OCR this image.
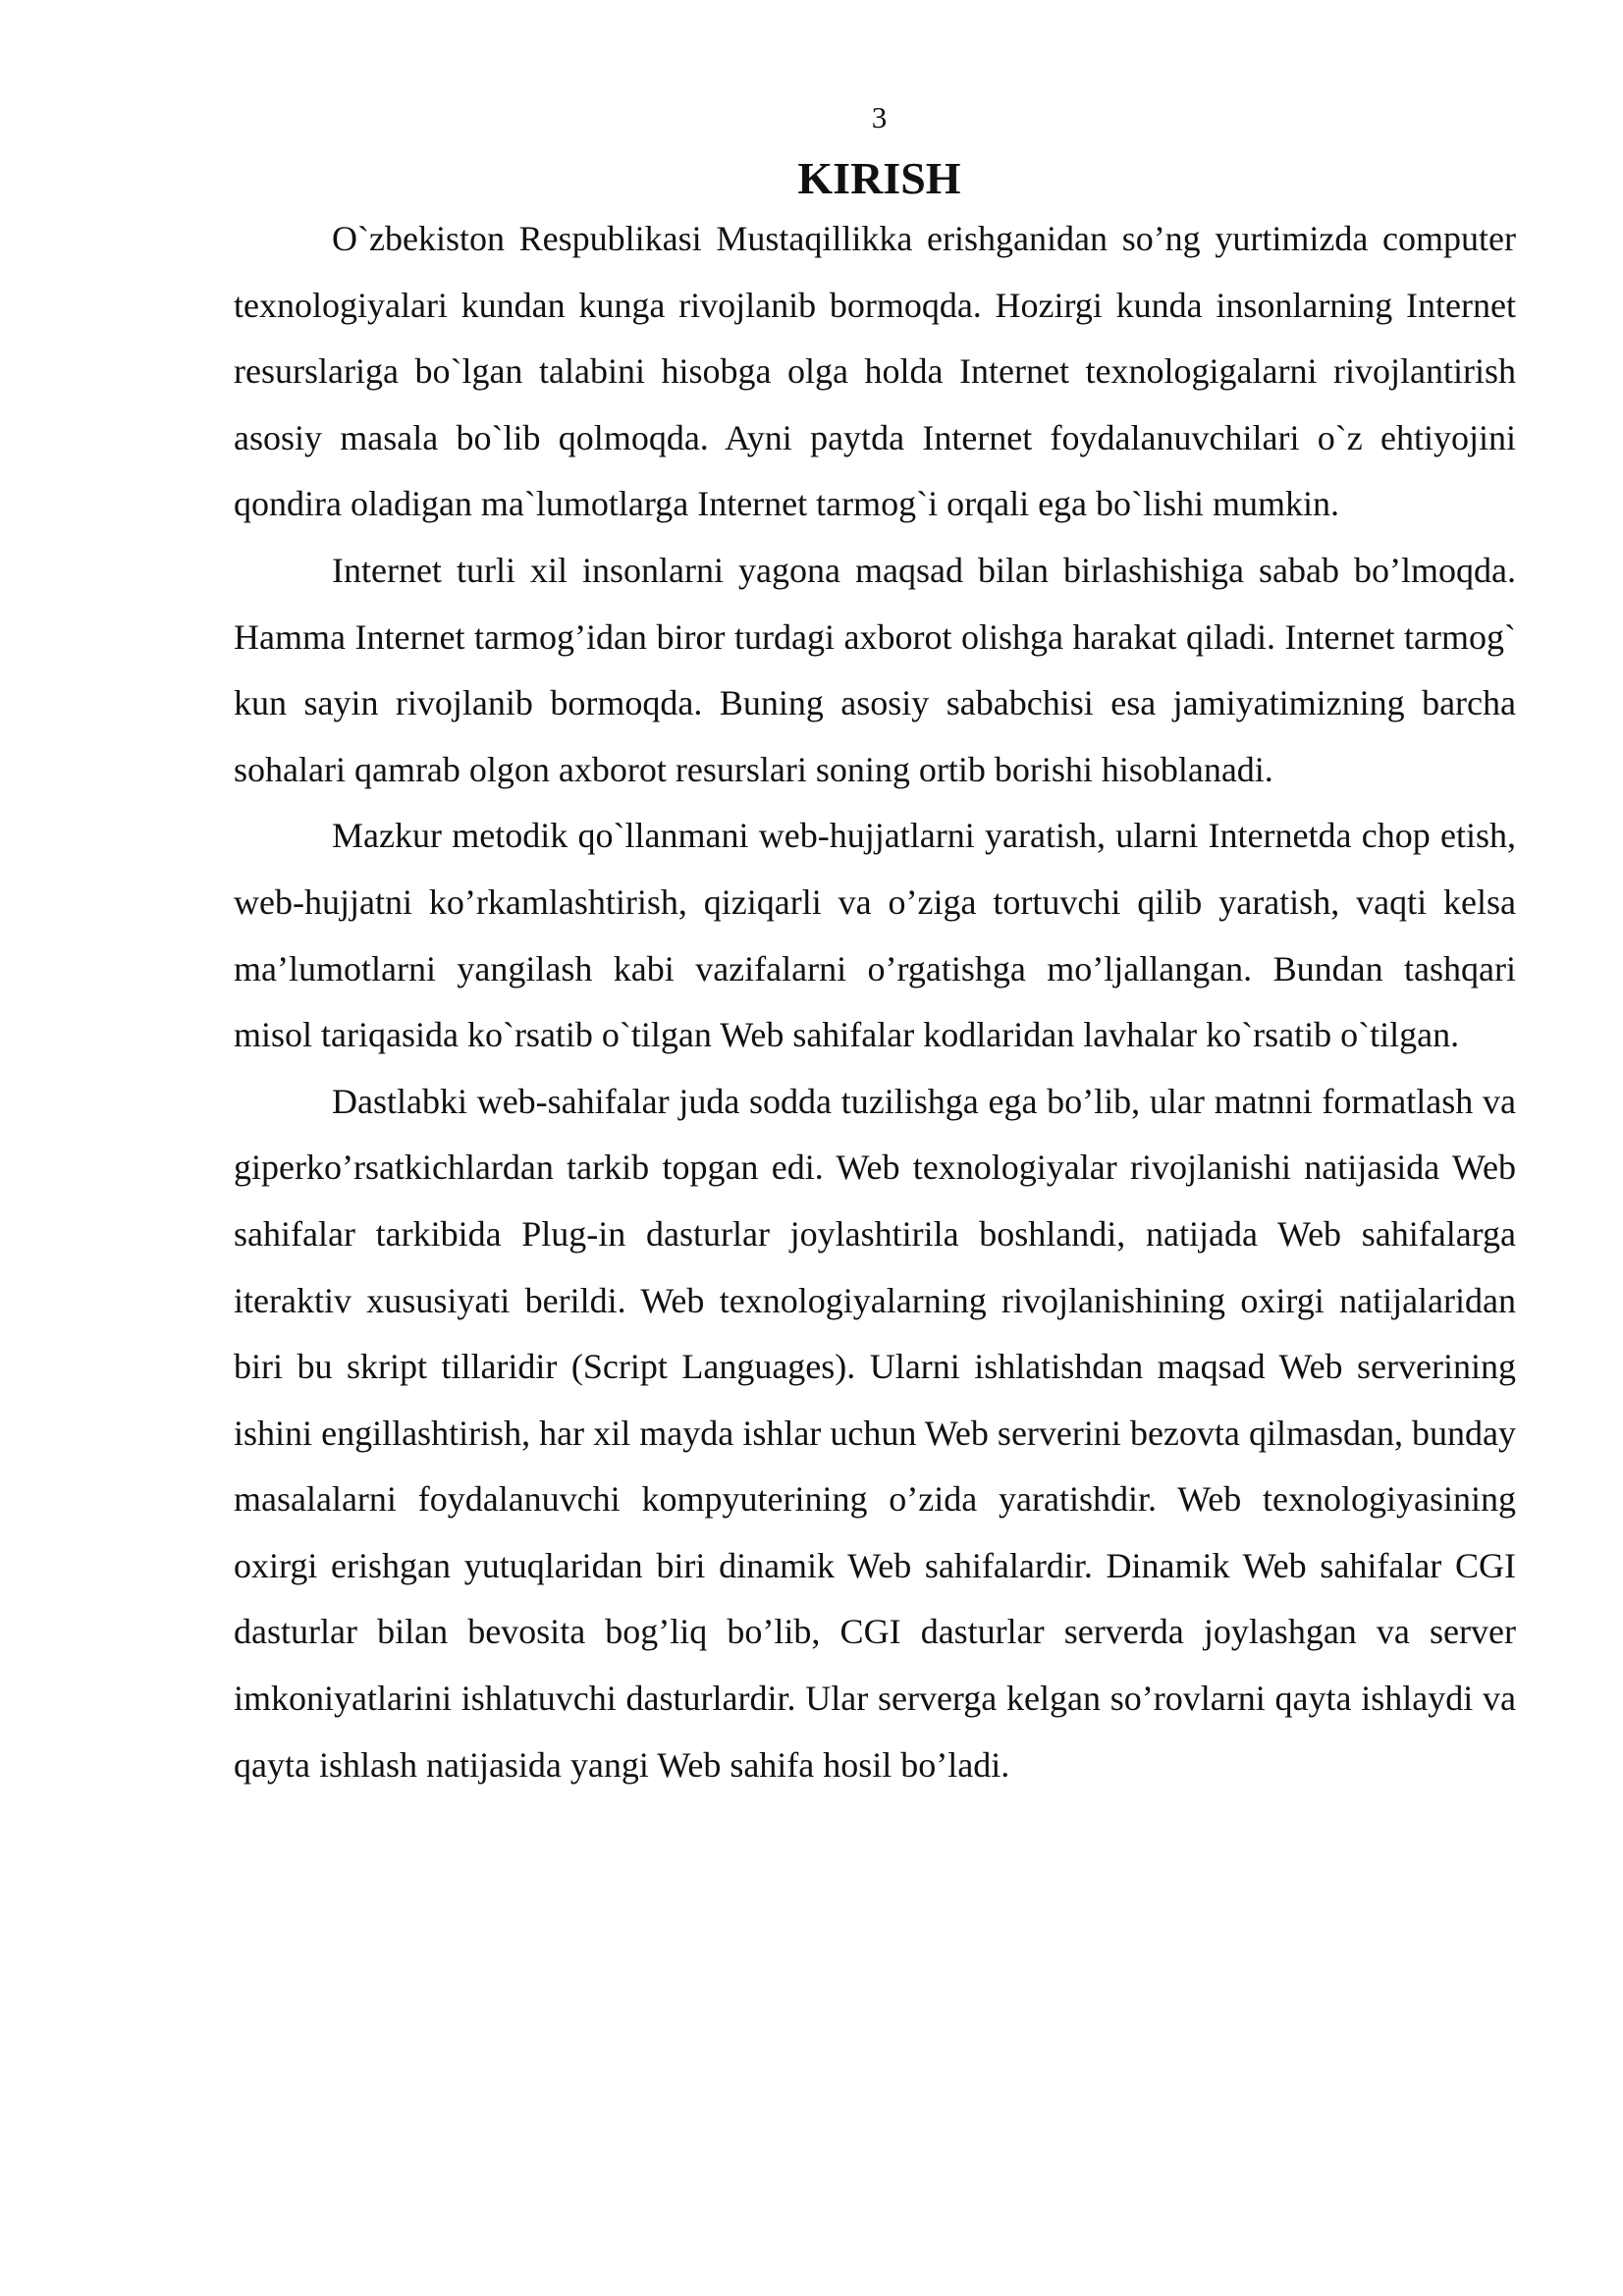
3
KIRISH

O`zbekiston Respublikasi Mustaqillikka erishganidan so’ng yurtimizda computer texnologiyalari kundan kunga rivojlanib bormoqda. Hozirgi kunda insonlarning Internet resurslariga bo`lgan talabini hisobga olga holda Internet texnologigalarni rivojlantirish asosiy masala bo`lib qolmoqda. Ayni paytda Internet foydalanuvchilari o`z ehtiyojini qondira oladigan ma`lumotlarga Internet tarmog`i orqali ega bo`lishi mumkin.

Internet turli xil insonlarni yagona maqsad bilan birlashishiga sabab bo’lmoqda. Hamma Internet tarmog’idan biror turdagi axborot olishga harakat qiladi. Internet tarmog` kun sayin rivojlanib bormoqda. Buning asosiy sababchisi esa jamiyatimizning barcha sohalari qamrab olgon axborot resurslari soning ortib borishi hisoblanadi.

Mazkur metodik qo`llanmani web-hujjatlarni yaratish, ularni Internetda chop etish, web-hujjatni ko’rkamlashtirish, qiziqarli va o’ziga tortuvchi qilib yaratish, vaqti kelsa ma’lumotlarni yangilash kabi vazifalarni o’rgatishga mo’ljallangan. Bundan tashqari misol tariqasida ko`rsatib o`tilgan Web sahifalar kodlaridan lavhalar ko`rsatib o`tilgan.

Dastlabki web-sahifalar juda sodda tuzilishga ega bo’lib, ular matnni formatlash va giperko’rsatkichlardan tarkib topgan edi. Web texnologiyalar rivojlanishi natijasida Web sahifalar tarkibida Plug-in dasturlar joylashtirila boshlandi, natijada Web sahifalarga iteraktiv xususiyati berildi. Web texnologiyalarning rivojlanishining oxirgi natijalaridan biri bu skript tillaridir (Script Languages). Ularni ishlatishdan maqsad Web serverining ishini engillashtirish, har xil mayda ishlar uchun Web serverini bezovta qilmasdan, bunday masalalarni foydalanuvchi kompyuterining o’zida yaratishdir. Web texnologiyasining oxirgi erishgan yutuqlaridan biri dinamik Web sahifalardir. Dinamik Web sahifalar CGI dasturlar bilan bevosita bog’liq bo’lib, CGI dasturlar serverda joylashgan va server imkoniyatlarini ishlatuvchi dasturlardir. Ular serverga kelgan so’rovlarni qayta ishlaydi va qayta ishlash natijasida yangi Web sahifa hosil bo’ladi.
